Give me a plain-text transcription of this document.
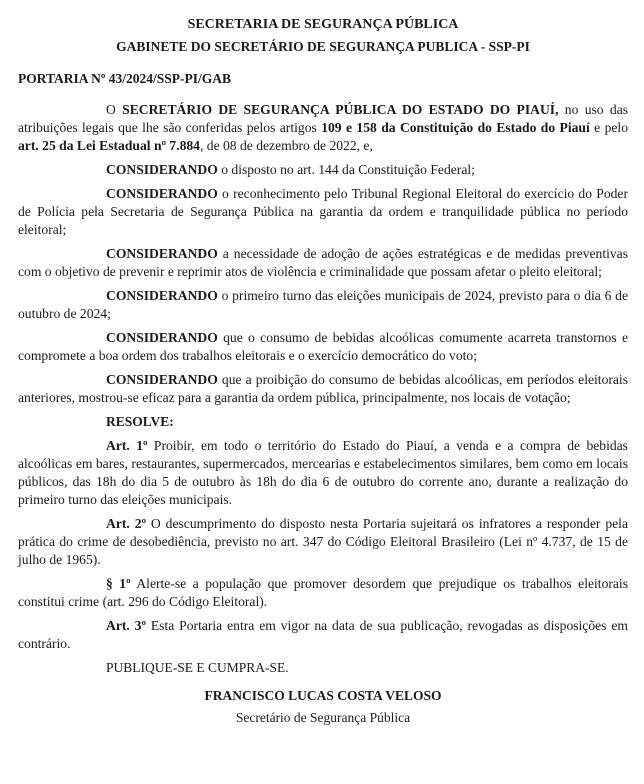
SECRETARIA DE SEGURANÇA PÚBLICA

GABINETE DO SECRETÁRIO DE SEGURANÇA PUBLICA - SSP-PI

PORTARIA Nº 43/2024/SSP-PI/GAB

O SECRETÁRIO DE SEGURANÇA PÚBLICA DO ESTADO DO PIAUÍ, no uso das atribuições legais que lhe são conferidas pelos artigos 109 e 158 da Constituição do Estado do Piauí e pelo art. 25 da Lei Estadual nº 7.884, de 08 de dezembro de 2022, e,

CONSIDERANDO o disposto no art. 144 da Constituição Federal;

CONSIDERANDO o reconhecimento pelo Tribunal Regional Eleitoral do exercício do Poder de Polícia pela Secretaria de Segurança Pública na garantia da ordem e tranquilidade pública no período eleitoral;

CONSIDERANDO a necessidade de adoção de ações estratégicas e de medidas preventivas com o objetivo de prevenir e reprimir atos de violência e criminalidade que possam afetar o pleito eleitoral;

CONSIDERANDO o primeiro turno das eleições municipais de 2024, previsto para o dia 6 de outubro de 2024;

CONSIDERANDO que o consumo de bebidas alcoólicas comumente acarreta transtornos e compromete a boa ordem dos trabalhos eleitorais e o exercício democrático do voto;

CONSIDERANDO que a proibição do consumo de bebidas alcoólicas, em períodos eleitorais anteriores, mostrou-se eficaz para a garantia da ordem pública, principalmente, nos locais de votação;

RESOLVE:

Art. 1º Proibir, em todo o território do Estado do Piauí, a venda e a compra de bebidas alcoólicas em bares, restaurantes, supermercados, mercearias e estabelecimentos similares, bem como em locais públicos, das 18h do dia 5 de outubro às 18h do dia 6 de outubro do corrente ano, durante a realização do primeiro turno das eleições municipais.

Art. 2º O descumprimento do disposto nesta Portaria sujeitará os infratores a responder pela prática do crime de desobediência, previsto no art. 347 do Código Eleitoral Brasileiro (Lei nº 4.737, de 15 de julho de 1965).

§ 1º Alerte-se a população que promover desordem que prejudique os trabalhos eleitorais constitui crime (art. 296 do Código Eleitoral).

Art. 3º Esta Portaria entra em vigor na data de sua publicação, revogadas as disposições em contrário.

PUBLIQUE-SE E CUMPRA-SE.

FRANCISCO LUCAS COSTA VELOSO

Secretário de Segurança Pública
